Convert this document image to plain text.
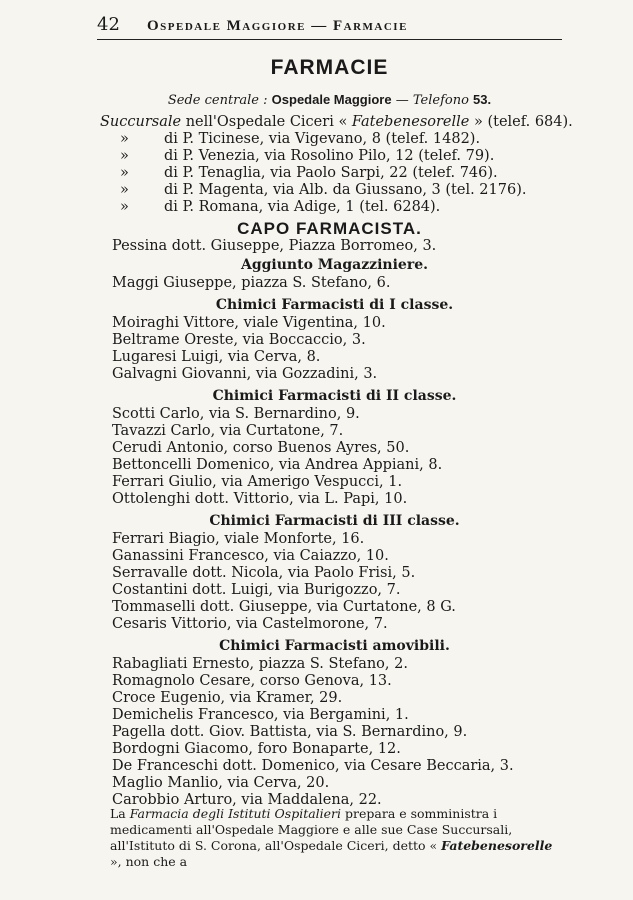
42	Ospedale Maggiore — Farmacie
FARMACIE
Sede centrale : Ospedale Maggiore — Telefono 53.
Succursale nell'Ospedale Ciceri « Fatebenesorelle » (telef. 684).
» di P. Ticinese, via Vigevano, 8 (telef. 1482).
» di P. Venezia, via Rosolino Pilo, 12 (telef. 79).
» di P. Tenaglia, via Paolo Sarpi, 22 (telef. 746).
» di P. Magenta, via Alb. da Giussano, 3 (tel. 2176).
» di P. Romana, via Adige, 1 (tel. 6284).
CAPO FARMACISTA.
Pessina dott. Giuseppe, Piazza Borromeo, 3.
Aggiunto Magazziniere.
Maggi Giuseppe, piazza S. Stefano, 6.
Chimici Farmacisti di I classe.
Moiraghi Vittore, viale Vigentina, 10.
Beltrame Oreste, via Boccaccio, 3.
Lugaresi Luigi, via Cerva, 8.
Galvagni Giovanni, via Gozzadini, 3.
Chimici Farmacisti di II classe.
Scotti Carlo, via S. Bernardino, 9.
Tavazzi Carlo, via Curtatone, 7.
Cerudi Antonio, corso Buenos Ayres, 50.
Bettoncelli Domenico, via Andrea Appiani, 8.
Ferrari Giulio, via Amerigo Vespucci, 1.
Ottolenghi dott. Vittorio, via L. Papi, 10.
Chimici Farmacisti di III classe.
Ferrari Biagio, viale Monforte, 16.
Ganassini Francesco, via Caiazzo, 10.
Serravalle dott. Nicola, via Paolo Frisi, 5.
Costantini dott. Luigi, via Burigozzo, 7.
Tommaselli dott. Giuseppe, via Curtatone, 8 G.
Cesaris Vittorio, via Castelmorone, 7.
Chimici Farmacisti amovibili.
Rabagliati Ernesto, piazza S. Stefano, 2.
Romagnolo Cesare, corso Genova, 13.
Croce Eugenio, via Kramer, 29.
Demichelis Francesco, via Bergamini, 1.
Pagella dott. Giov. Battista, via S. Bernardino, 9.
Bordogni Giacomo, foro Bonaparte, 12.
De Franceschi dott. Domenico, via Cesare Beccaria, 3.
Maglio Manlio, via Cerva, 20.
Carobbio Arturo, via Maddalena, 22.
La Farmacia degli Istituti Ospitalieri prepara e somministra i medicamenti all'Ospedale Maggiore e alle sue Case Succursali, all'Istituto di S. Corona, all'Ospedale Ciceri, detto « Fatebenesorelle », non che a
